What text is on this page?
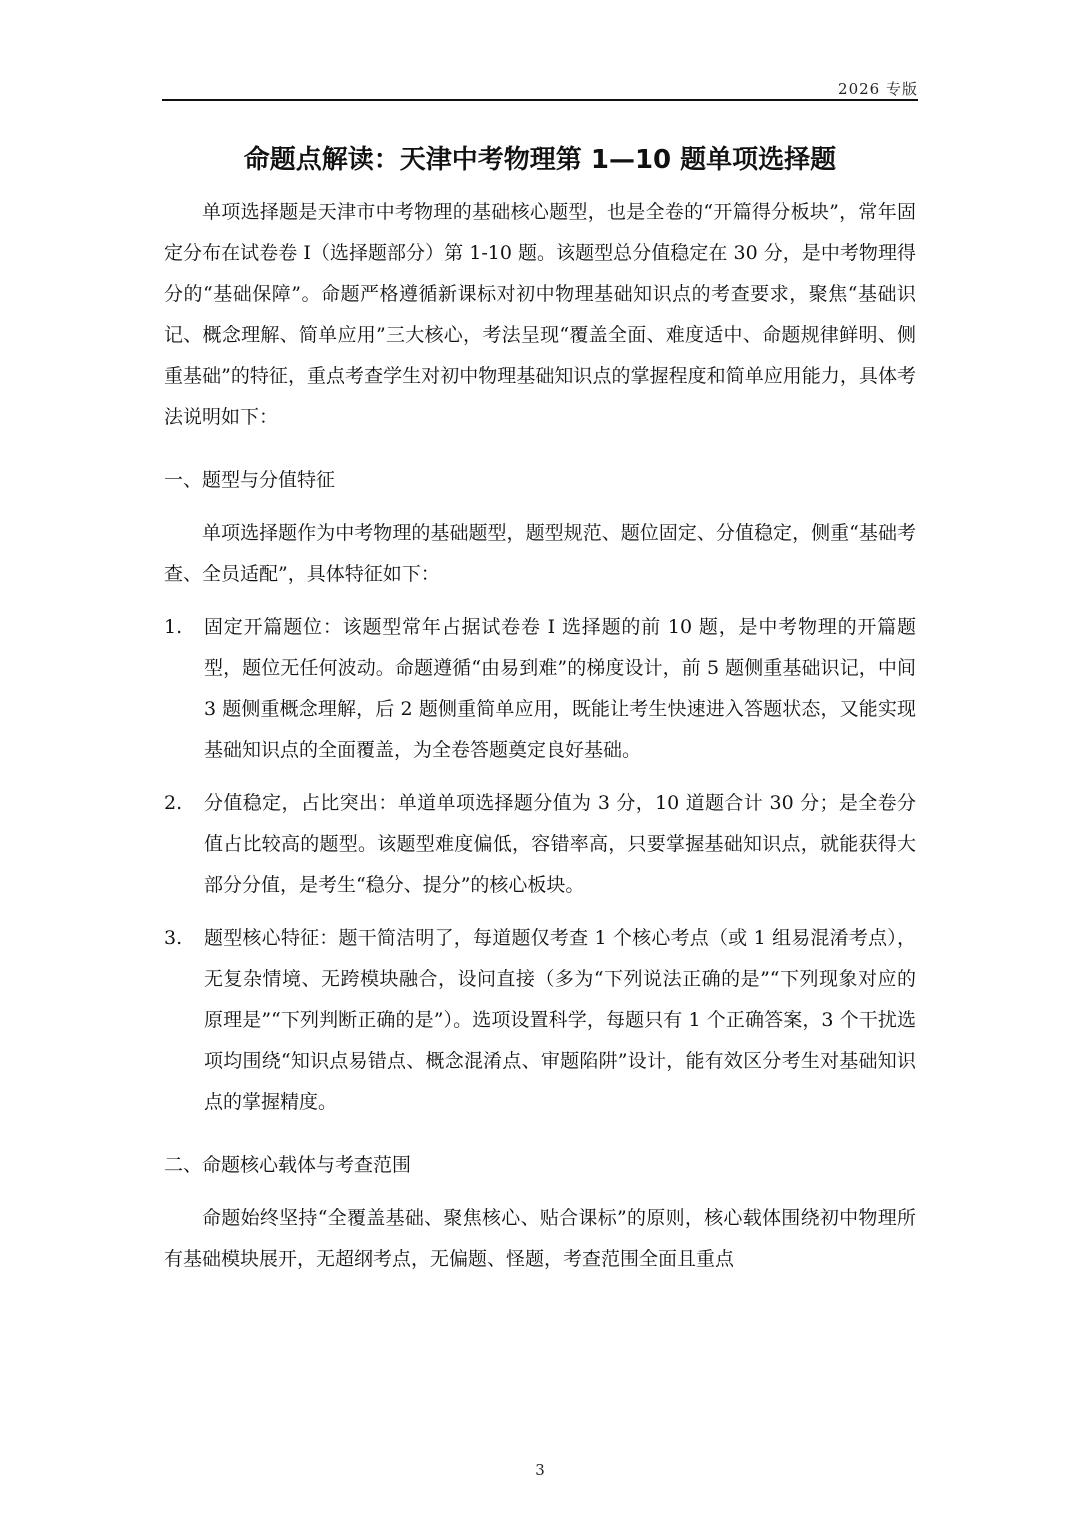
2026 专版
命题点解读：天津中考物理第 1—10 题单项选择题

单项选择题是天津市中考物理的基础核心题型，也是全卷的“开篇得分板块”，常年固定分布在试卷卷 I（选择题部分）第 1-10 题。该题型总分值稳定在 30 分，是中考物理得分的“基础保障”。命题严格遵循新课标对初中物理基础知识点的考查要求，聚焦“基础识记、概念理解、简单应用”三大核心，考法呈现“覆盖全面、难度适中、命题规律鲜明、侧重基础”的特征，重点考查学生对初中物理基础知识点的掌握程度和简单应用能力，具体考法说明如下：

一、题型与分值特征

单项选择题作为中考物理的基础题型，题型规范、题位固定、分值稳定，侧重“基础考查、全员适配”，具体特征如下：

1. 固定开篇题位：该题型常年占据试卷卷 I 选择题的前 10 题，是中考物理的开篇题型，题位无任何波动。命题遵循“由易到难”的梯度设计，前 5 题侧重基础识记，中间 3 题侧重概念理解，后 2 题侧重简单应用，既能让考生快速进入答题状态，又能实现基础知识点的全面覆盖，为全卷答题奠定良好基础。
2. 分值稳定，占比突出：单道单项选择题分值为 3 分，10 道题合计 30 分；是全卷分值占比较高的题型。该题型难度偏低，容错率高，只要掌握基础知识点，就能获得大部分分值，是考生“稳分、提分”的核心板块。
3. 题型核心特征：题干简洁明了，每道题仅考查 1 个核心考点（或 1 组易混淆考点），无复杂情境、无跨模块融合，设问直接（多为“下列说法正确的是”“下列现象对应的原理是”“下列判断正确的是”）。选项设置科学，每题只有 1 个正确答案，3 个干扰选项均围绕“知识点易错点、概念混淆点、审题陷阱”设计，能有效区分考生对基础知识点的掌握精度。

二、命题核心载体与考查范围

命题始终坚持“全覆盖基础、聚焦核心、贴合课标”的原则，核心载体围绕初中物理所有基础模块展开，无超纲考点，无偏题、怪题，考查范围全面且重点

3
